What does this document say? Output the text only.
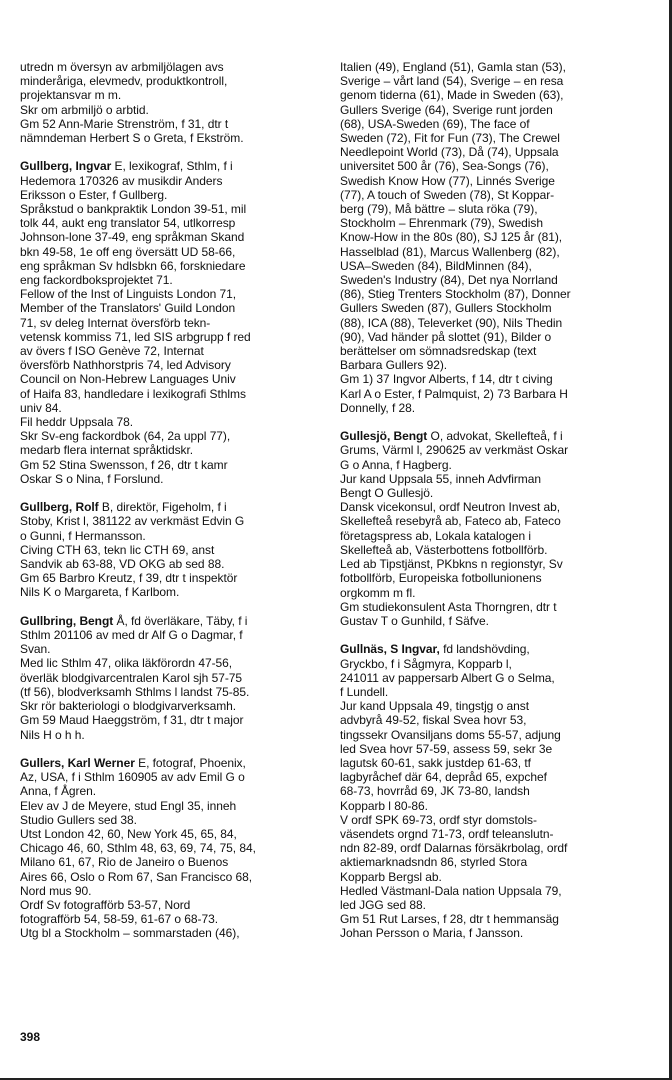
utredn m översyn av arbmiljölagen avs
minderåriga, elevmedv, produktkontroll,
projektansvar m m.
Skr om arbmiljö o arbtid.
Gm 52 Ann-Marie Strenström, f 31, dtr t
nämndeman Herbert S o Greta, f Ekström.
Gullberg, Ingvar E, lexikograf, Sthlm, f i
Hedemora 170326 av musikdir Anders
Eriksson o Ester, f Gullberg.
Språkstud o bankpraktik London 39-51, mil
tolk 44, aukt eng translator 54, utlkorresp
Johnson-lone 37-49, eng språkman Skand
bkn 49-58, 1e off eng översätt UD 58-66,
eng språkman Sv hdlsbkn 66, forskniedare
eng fackordboksprojektet 71.
Fellow of the Inst of Linguists London 71,
Member of the Translators' Guild London
71, sv deleg Internat översförb tekn-
vetensk kommiss 71, led SIS arbgrupp f red
av övers f ISO Genève 72, Internat
översförb Nathhorstpris 74, led Advisory
Council on Non-Hebrew Languages Univ
of Haifa 83, handledare i lexikografi Sthlms
univ 84.
Fil heddr Uppsala 78.
Skr Sv-eng fackordbok (64, 2a uppl 77),
medarb flera internat språktidskr.
Gm 52 Stina Swensson, f 26, dtr t kamr
Oskar S o Nina, f Forslund.
Gullberg, Rolf B, direktör, Figeholm, f i
Stoby, Krist l, 381122 av verkmäst Edvin G
o Gunni, f Hermansson.
Civing CTH 63, tekn lic CTH 69, anst
Sandvik ab 63-88, VD OKG ab sed 88.
Gm 65 Barbro Kreutz, f 39, dtr t inspektör
Nils K o Margareta, f Karlbom.
Gullbring, Bengt Å, fd överläkare, Täby, f i
Sthlm 201106 av med dr Alf G o Dagmar, f
Svan.
Med lic Sthlm 47, olika läkförordn 47-56,
överläk blodgivarcentralen Karol sjh 57-75
(tf 56), blodverksamh Sthlms l landst 75-85.
Skr rör bakteriologi o blodgivarverksamh.
Gm 59 Maud Haeggström, f 31, dtr t major
Nils H o h h.
Gullers, Karl Werner E, fotograf, Phoenix,
Az, USA, f i Sthlm 160905 av adv Emil G o
Anna, f Ågren.
Elev av J de Meyere, stud Engl 35, inneh
Studio Gullers sed 38.
Utst London 42, 60, New York 45, 65, 84,
Chicago 46, 60, Sthlm 48, 63, 69, 74, 75, 84,
Milano 61, 67, Rio de Janeiro o Buenos
Aires 66, Oslo o Rom 67, San Francisco 68,
Nord mus 90.
Ordf Sv fotografförb 53-57, Nord
fotografförb 54, 58-59, 61-67 o 68-73.
Utg bl a Stockholm – sommarstaden (46),
Italien (49), England (51), Gamla stan (53),
Sverige – vårt land (54), Sverige – en resa
genom tiderna (61), Made in Sweden (63),
Gullers Sverige (64), Sverige runt jorden
(68), USA-Sweden (69), The face of
Sweden (72), Fit for Fun (73), The Crewel
Needlepoint World (73), Då (74), Uppsala
universitet 500 år (76), Sea-Songs (76),
Swedish Know How (77), Linnés Sverige
(77), A touch of Sweden (78), St Koppar-
berg (79), Må bättre – sluta röka (79),
Stockholm – Ehrenmark (79), Swedish
Know-How in the 80s (80), SJ 125 år (81),
Hasselblad (81), Marcus Wallenberg (82),
USA–Sweden (84), BildMinnen (84),
Sweden's Industry (84), Det nya Norrland
(86), Stieg Trenters Stockholm (87), Donner
Gullers Sweden (87), Gullers Stockholm
(88), ICA (88), Televerket (90), Nils Thedin
(90), Vad händer på slottet (91), Bilder o
berättelser om sömnadsredskap (text
Barbara Gullers 92).
Gm 1) 37 Ingvor Alberts, f 14, dtr t civing
Karl A o Ester, f Palmquist, 2) 73 Barbara H
Donnelly, f 28.
Gullesjö, Bengt O, advokat, Skellefteå, f i
Grums, Värml l, 290625 av verkmäst Oskar
G o Anna, f Hagberg.
Jur kand Uppsala 55, inneh Advfirman
Bengt O Gullesjö.
Dansk vicekonsul, ordf Neutron Invest ab,
Skellefteå resebyrå ab, Fateco ab, Fateco
företagspress ab, Lokala katalogen i
Skellefteå ab, Västerbottens fotbollförb.
Led ab Tipstjänst, PKbkns n regionstyr, Sv
fotbollförb, Europeiska fotbollunionens
orgkomm m fl.
Gm studiekonsulent Asta Thorngren, dtr t
Gustav T o Gunhild, f Säfve.
Gullnäs, S Ingvar, fd landshövding,
Gryckbo, f i Sågmyra, Kopparb l,
241011 av pappersarb Albert G o Selma,
f Lundell.
Jur kand Uppsala 49, tingstjg o anst
advbyrå 49-52, fiskal Svea hovr 53,
tingssekr Ovansiljans doms 55-57, adjung
led Svea hovr 57-59, assess 59, sekr 3e
lagutsk 60-61, sakk justdep 61-63, tf
lagbyråchef där 64, depråd 65, expchef
68-73, hovrråd 69, JK 73-80, landsh
Kopparb l 80-86.
V ordf SPK 69-73, ordf styr domstols-
väsendets orgnd 71-73, ordf teleanslutn-
ndn 82-89, ordf Dalarnas försäkrbolag, ordf
aktiemarknadsndn 86, styrled Stora
Kopparb Bergsl ab.
Hedled Västmanl-Dala nation Uppsala 79,
led JGG sed 88.
Gm 51 Rut Larses, f 28, dtr t hemmansäg
Johan Persson o Maria, f Jansson.
398
